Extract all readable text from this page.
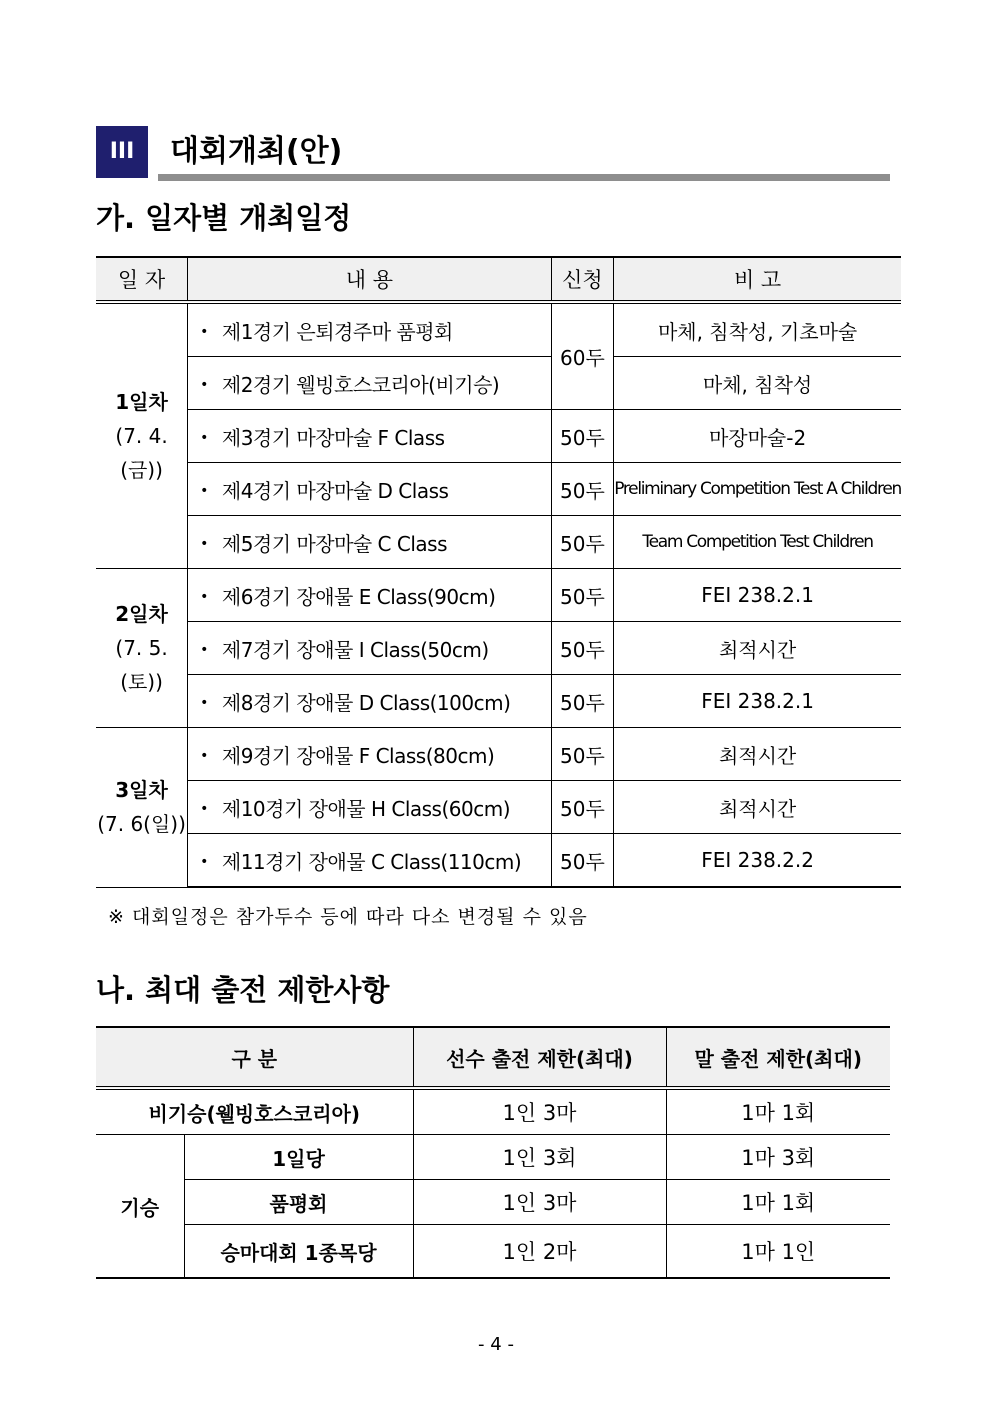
III	대회개최(안)
가. 일자별 개최일정
일 자	내 용	신청	비 고
1일차
(7. 4.(금))	• 제1경기 은퇴경주마 품평회	60두	마체, 침착성, 기초마술
	• 제2경기 웰빙호스코리아(비기승)		마체, 침착성
	• 제3경기 마장마술 F Class	50두	마장마술-2
	• 제4경기 마장마술 D Class	50두	Preliminary Competition Test A Children
	• 제5경기 마장마술 C Class	50두	Team Competition Test Children
2일차
(7. 5.(토))	• 제6경기 장애물 E Class(90cm)	50두	FEI 238.2.1
	• 제7경기 장애물 I Class(50cm)	50두	최적시간
	• 제8경기 장애물 D Class(100cm)	50두	FEI 238.2.1
3일차
(7. 6(일))	• 제9경기 장애물 F Class(80cm)	50두	최적시간
	• 제10경기 장애물 H Class(60cm)	50두	최적시간
	• 제11경기 장애물 C Class(110cm)	50두	FEI 238.2.2
※ 대회일정은 참가두수 등에 따라 다소 변경될 수 있음
나. 최대 출전 제한사항
구 분		선수 출전 제한(최대)	말 출전 제한(최대)
비기승(웰빙호스코리아)		1인 3마	1마 1회
기승	1일당	1인 3회	1마 3회
	품평회	1인 3마	1마 1회
	승마대회 1종목당	1인 2마	1마 1인
- 4 -
